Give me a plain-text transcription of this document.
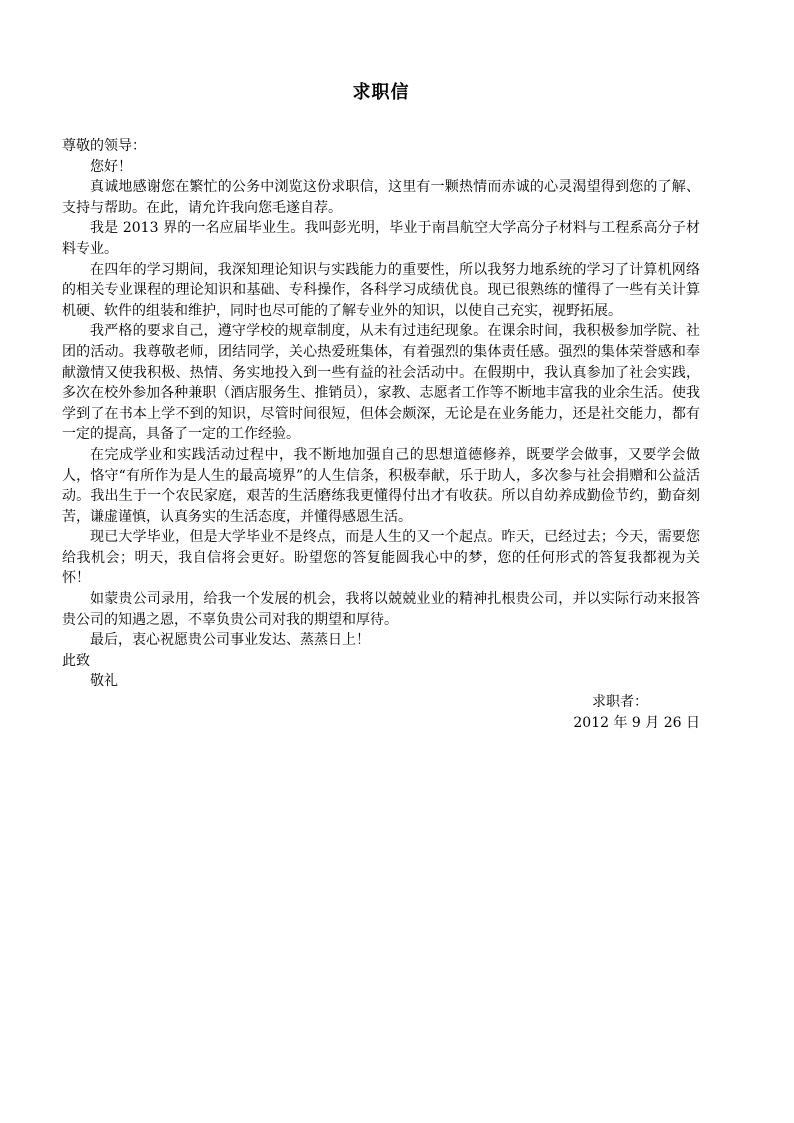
求职信

尊敬的领导：

您好！

真诚地感谢您在繁忙的公务中浏览这份求职信，这里有一颗热情而赤诚的心灵渴望得到您的了解、支持与帮助。在此，请允许我向您毛遂自荐。

我是 2013 界的一名应届毕业生。我叫彭光明，毕业于南昌航空大学高分子材料与工程系高分子材料专业。

在四年的学习期间，我深知理论知识与实践能力的重要性，所以我努力地系统的学习了计算机网络的相关专业课程的理论知识和基础、专科操作，各科学习成绩优良。现已很熟练的懂得了一些有关计算机硬、软件的组装和维护，同时也尽可能的了解专业外的知识，以使自己充实，视野拓展。

我严格的要求自己，遵守学校的规章制度，从未有过违纪现象。在课余时间，我积极参加学院、社团的活动。我尊敬老师，团结同学，关心热爱班集体，有着强烈的集体责任感。强烈的集体荣誉感和奉献激情又使我积极、热情、务实地投入到一些有益的社会活动中。在假期中，我认真参加了社会实践，多次在校外参加各种兼职（酒店服务生、推销员），家教、志愿者工作等不断地丰富我的业余生活。使我学到了在书本上学不到的知识，尽管时间很短，但体会颇深，无论是在业务能力，还是社交能力，都有一定的提高，具备了一定的工作经验。

在完成学业和实践活动过程中，我不断地加强自己的思想道德修养，既要学会做事，又要学会做人，恪守“有所作为是人生的最高境界”的人生信条，积极奉献，乐于助人，多次参与社会捐赠和公益活动。我出生于一个农民家庭，艰苦的生活磨练我更懂得付出才有收获。所以自幼养成勤俭节约，勤奋刻苦，谦虚谨慎，认真务实的生活态度，并懂得感恩生活。

现已大学毕业，但是大学毕业不是终点，而是人生的又一个起点。昨天，已经过去；今天，需要您给我机会；明天，我自信将会更好。盼望您的答复能圆我心中的梦，您的任何形式的答复我都视为关怀！

如蒙贵公司录用，给我一个发展的机会，我将以兢兢业业的精神扎根贵公司，并以实际行动来报答贵公司的知遇之恩，不辜负贵公司对我的期望和厚待。

最后，衷心祝愿贵公司事业发达、蒸蒸日上！

此致

敬礼

求职者：

2012 年 9 月 26 日
